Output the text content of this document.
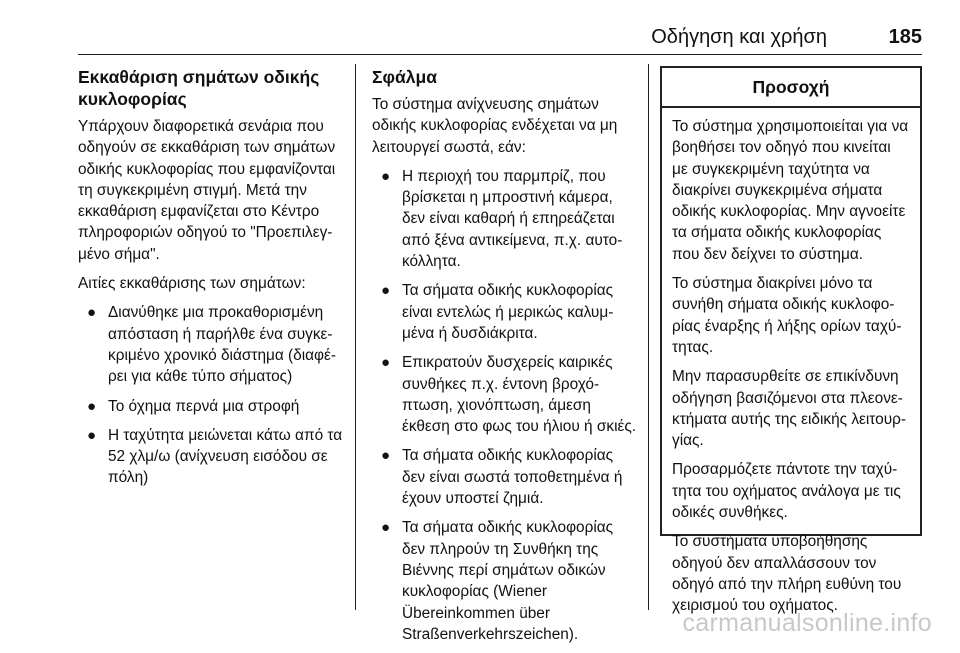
Οδήγηση και χρήση	185
Εκκαθάριση σημάτων οδικής κυκλοφορίας

Υπάρχουν διαφορετικά σενάρια που οδηγούν σε εκκαθάριση των σημάτων οδικής κυκλοφορίας που εμφανίζονται τη συγκεκριμένη στιγμή. Μετά την εκκαθάριση εμφανίζεται στο Κέντρο πληροφοριών οδηγού το "Προεπιλεγμένο σήμα".

Αιτίες εκκαθάρισης των σημάτων:

● Διανύθηκε μια προκαθορισμένη απόσταση ή παρήλθε ένα συγκεκριμένο χρονικό διάστημα (διαφέρει για κάθε τύπο σήματος)
● Το όχημα περνά μια στροφή
● Η ταχύτητα μειώνεται κάτω από τα 52 χλμ/ω (ανίχνευση εισόδου σε πόλη)
Σφάλμα

Το σύστημα ανίχνευσης σημάτων οδικής κυκλοφορίας ενδέχεται να μη λειτουργεί σωστά, εάν:

● Η περιοχή του παρμπρίζ, που βρίσκεται η μπροστινή κάμερα, δεν είναι καθαρή ή επηρεάζεται από ξένα αντικείμενα, π.χ. αυτοκόλλητα.
● Τα σήματα οδικής κυκλοφορίας είναι εντελώς ή μερικώς καλυμμένα ή δυσδιάκριτα.
● Επικρατούν δυσχερείς καιρικές συνθήκες π.χ. έντονη βροχόπτωση, χιονόπτωση, άμεση έκθεση στο φως του ήλιου ή σκιές.
● Τα σήματα οδικής κυκλοφορίας δεν είναι σωστά τοποθετημένα ή έχουν υποστεί ζημιά.
● Τα σήματα οδικής κυκλοφορίας δεν πληρούν τη Συνθήκη της Βιέννης περί σημάτων οδικών κυκλοφορίας (Wiener Übereinkommen über Straßenverkehrszeichen).
Προσοχή

Το σύστημα χρησιμοποιείται για να βοηθήσει τον οδηγό που κινείται με συγκεκριμένη ταχύτητα να διακρίνει συγκεκριμένα σήματα οδικής κυκλοφορίας. Μην αγνοείτε τα σήματα οδικής κυκλοφορίας που δεν δείχνει το σύστημα.

Το σύστημα διακρίνει μόνο τα συνήθη σήματα οδικής κυκλοφορίας έναρξης ή λήξης ορίων ταχύτητας.

Μην παρασυρθείτε σε επικίνδυνη οδήγηση βασιζόμενοι στα πλεονεκτήματα αυτής της ειδικής λειτουργίας.

Προσαρμόζετε πάντοτε την ταχύτητα του οχήματος ανάλογα με τις οδικές συνθήκες.

Το συστήματα υποβοήθησης οδηγού δεν απαλλάσσουν τον οδηγό από την πλήρη ευθύνη του χειρισμού του οχήματος.

carmanualsonline.info
